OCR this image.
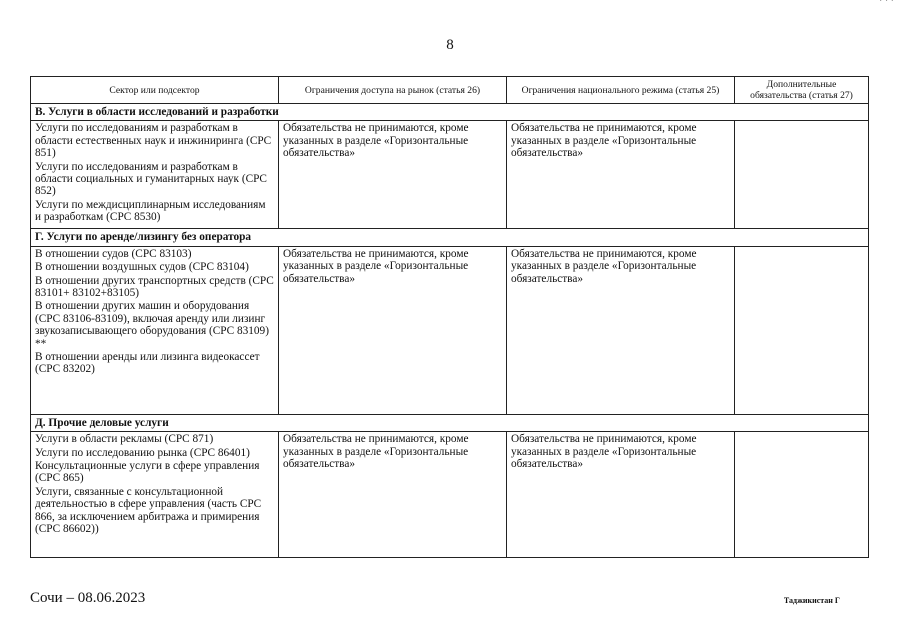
· · ·
8
Сектор или подсектор	Ограничения доступа на рынок (статья 26)	Ограничения национального режима (статья 25)	Дополнительные обязательства (статья 27)
B. Услуги в области исследований и разработки			

Услуги по исследованиям и разработкам в области естественных наук и инжиниринга (CPC 851)

Услуги по исследованиям и разработкам в области социальных и гуманитарных наук (CPC 852)

Услуги по междисциплинарным исследованиям и разработкам (CPC 8530)	Обязательства не принимаются, кроме указанных в разделе «Горизонтальные обязательства»	Обязательства не принимаются, кроме указанных в разделе «Горизонтальные обязательства»	
Г. Услуги по аренде/лизингу без оператора			

В отношении судов (CPC 83103)

В отношении воздушных судов (CPC 83104)

В отношении других транспортных средств (CPC 83101+ 83102+83105)

В отношении других машин и оборудования (CPC 83106-83109), включая аренду или лизинг звукозаписывающего оборудования (CPC 83109) **

В отношении аренды или лизинга видеокассет (CPC 83202)	Обязательства не принимаются, кроме указанных в разделе «Горизонтальные обязательства»	Обязательства не принимаются, кроме указанных в разделе «Горизонтальные обязательства»	
Д. Прочие деловые услуги			

Услуги в области рекламы (CPC 871)

Услуги по исследованию рынка (CPC 86401)

Консультационные услуги в сфере управления (CPC 865)

Услуги, связанные с консультационной деятельностью в сфере управления (часть CPC 866, за исключением арбитража и примирения (CPC 86602))	Обязательства не принимаются, кроме указанных в разделе «Горизонтальные обязательства»	Обязательства не принимаются, кроме указанных в разделе «Горизонтальные обязательства»	
Сочи – 08.06.2023	Таджикистан Г
